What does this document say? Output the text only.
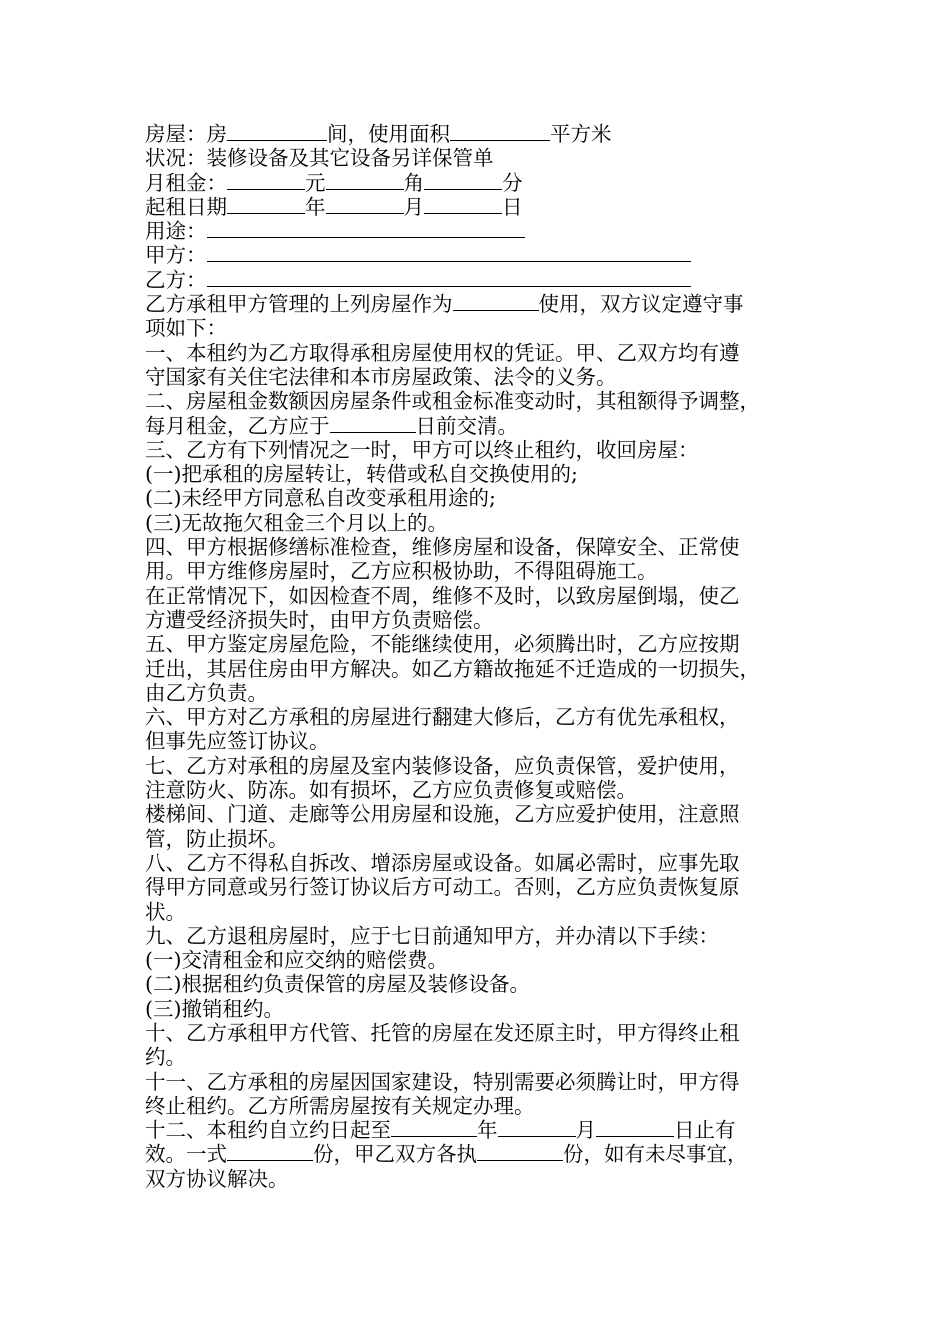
房屋：房	间，使用面积	平方米
状况：装修设备及其它设备另详保管单
月租金：	元	角	分
起租日期	年	月	日
用途：
甲方：
乙方：
乙方承租甲方管理的上列房屋作为	使用，双方议定遵守事
项如下：
一、本租约为乙方取得承租房屋使用权的凭证。甲、乙双方均有遵
守国家有关住宅法律和本市房屋政策、法令的义务。
二、房屋租金数额因房屋条件或租金标准变动时，其租额得予调整，
每月租金，乙方应于	日前交清。
三、乙方有下列情况之一时，甲方可以终止租约，收回房屋：
(一)把承租的房屋转让，转借或私自交换使用的;
(二)未经甲方同意私自改变承租用途的;
(三)无故拖欠租金三个月以上的。
四、甲方根据修缮标准检查，维修房屋和设备，保障安全、正常使
用。甲方维修房屋时，乙方应积极协助，不得阻碍施工。
在正常情况下，如因检查不周，维修不及时，以致房屋倒塌，使乙
方遭受经济损失时，由甲方负责赔偿。
五、甲方鉴定房屋危险，不能继续使用，必须腾出时，乙方应按期
迁出，其居住房由甲方解决。如乙方籍故拖延不迁造成的一切损失，
由乙方负责。
六、甲方对乙方承租的房屋进行翻建大修后，乙方有优先承租权，
但事先应签订协议。
七、乙方对承租的房屋及室内装修设备，应负责保管，爱护使用，
注意防火、防冻。如有损坏，乙方应负责修复或赔偿。
楼梯间、门道、走廊等公用房屋和设施，乙方应爱护使用，注意照
管，防止损坏。
八、乙方不得私自拆改、增添房屋或设备。如属必需时，应事先取
得甲方同意或另行签订协议后方可动工。否则，乙方应负责恢复原
状。
九、乙方退租房屋时，应于七日前通知甲方，并办清以下手续：
(一)交清租金和应交纳的赔偿费。
(二)根据租约负责保管的房屋及装修设备。
(三)撤销租约。
十、乙方承租甲方代管、托管的房屋在发还原主时，甲方得终止租
约。
十一、乙方承租的房屋因国家建设，特别需要必须腾让时，甲方得
终止租约。乙方所需房屋按有关规定办理。
十二、本租约自立约日起至	年	月	日止有
效。一式	份，甲乙双方各执	份，如有未尽事宜，
双方协议解决。
